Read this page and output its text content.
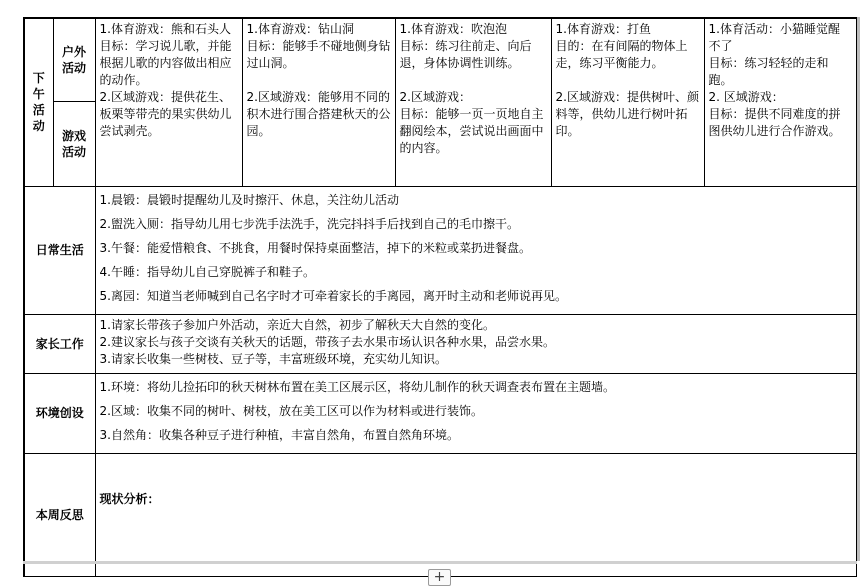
下午活动	户外活动	1.体育游戏：熊和石头人
目标：学习说儿歌，并能根据儿歌的内容做出相应的动作。
2.区域游戏：提供花生、板栗等带壳的果实供幼儿尝试剥壳。	1.体育游戏：钻山洞
目标：能够手不碰地侧身钻过山洞。

2.区域游戏：能够用不同的积木进行围合搭建秋天的公园。	1.体育游戏：吹泡泡
目标：练习往前走、向后退，身体协调性训练。

2.区域游戏：
目标：能够一页一页地自主翻阅绘本，尝试说出画面中的内容。	1.体育游戏：打鱼
目的：在有间隔的物体上走，练习平衡能力。

2.区域游戏：提供树叶、颜料等，供幼儿进行树叶拓印。	1.体育活动：小猫睡觉醒不了
目标：练习轻轻的走和跑。
2. 区域游戏：
目标：提供不同难度的拼图供幼儿进行合作游戏。

	游戏活动					
日常生活		1.晨锻：晨锻时提醒幼儿及时擦汗、休息，关注幼儿活动
2.盥洗入厕：指导幼儿用七步洗手法洗手，洗完抖抖手后找到自己的毛巾擦干。
3.午餐：能爱惜粮食、不挑食，用餐时保持桌面整洁，掉下的米粒或菜扔进餐盘。
4.午睡：指导幼儿自己穿脱裤子和鞋子。
5.离园：知道当老师喊到自己名字时才可牵着家长的手离园，离开时主动和老师说再见。				

家长工作		1.请家长带孩子参加户外活动，亲近大自然，初步了解秋天大自然的变化。
2.建议家长与孩子交谈有关秋天的话题，带孩子去水果市场认识各种水果，品尝水果。
3.请家长收集一些树枝、豆子等，丰富班级环境，充实幼儿知识。				

环境创设		1.环境：将幼儿捡拓印的秋天树林布置在美工区展示区，将幼儿制作的秋天调查表布置在主题墙。
2.区域：收集不同的树叶、树枝，放在美工区可以作为材料或进行装饰。
3.自然角：收集各种豆子进行种植，丰富自然角，布置自然角环境。				

本周反思		现状分析：				
+
